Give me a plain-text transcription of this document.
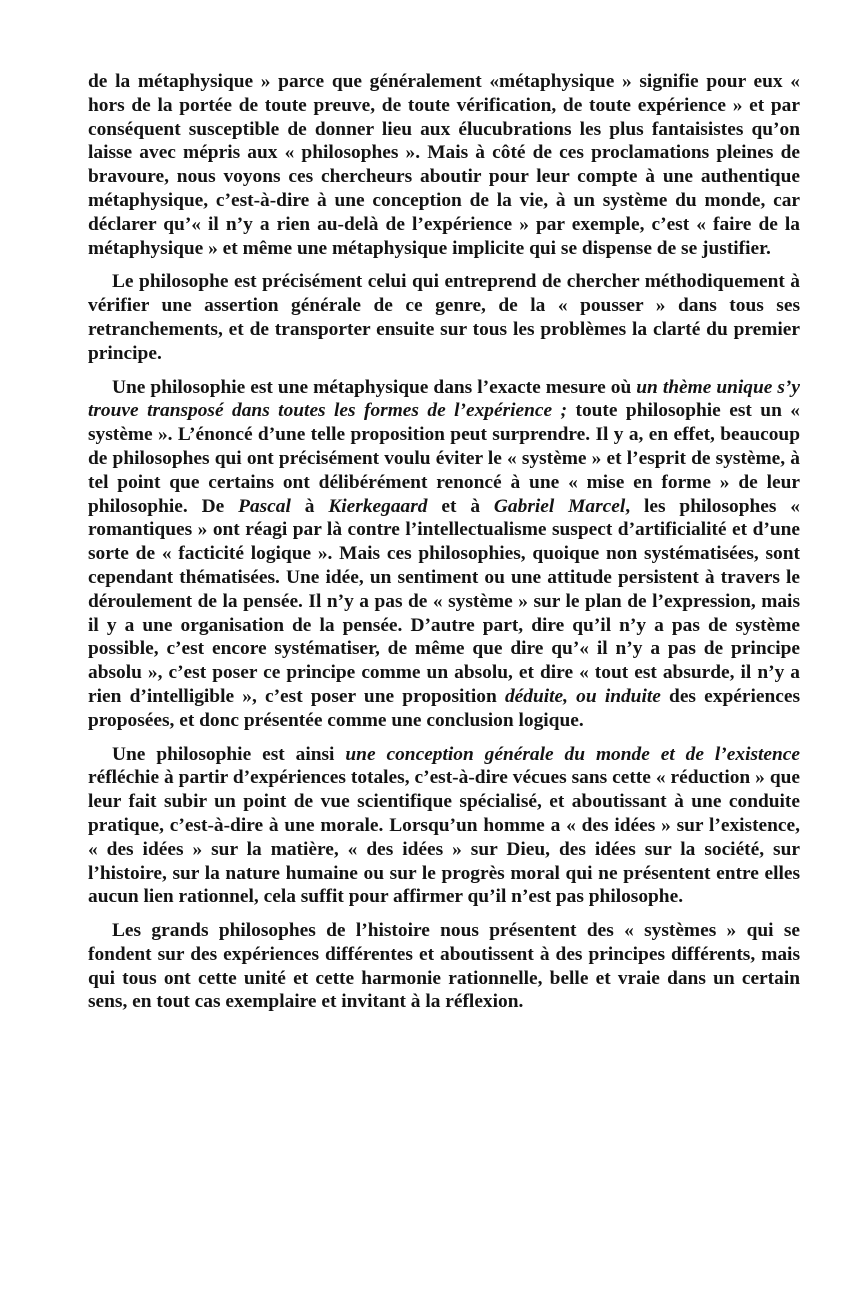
de la métaphysique » parce que généralement «métaphysique » signifie pour eux « hors de la portée de toute preuve, de toute vérification, de toute expérience » et par conséquent susceptible de donner lieu aux élucubrations les plus fantaisistes qu’on laisse avec mépris aux « philosophes ». Mais à côté de ces proclamations pleines de bravoure, nous voyons ces chercheurs aboutir pour leur compte à une authentique métaphysique, c’est-à-dire à une conception de la vie, à un système du monde, car déclarer qu’« il n’y a rien au-delà de l’expérience » par exemple, c’est « faire de la métaphysique » et même une métaphysique implicite qui se dispense de se justifier.

Le philosophe est précisément celui qui entreprend de chercher méthodiquement à vérifier une assertion générale de ce genre, de la « pousser » dans tous ses retranchements, et de transporter ensuite sur tous les problèmes la clarté du premier principe.

Une philosophie est une métaphysique dans l’exacte mesure où un thème unique s’y trouve transposé dans toutes les formes de l’expérience ; toute philosophie est un « système ». L’énoncé d’une telle proposition peut surprendre. Il y a, en effet, beaucoup de philosophes qui ont précisément voulu éviter le « système » et l’esprit de système, à tel point que certains ont délibérément renoncé à une « mise en forme » de leur philosophie. De Pascal à Kierkegaard et à Gabriel Marcel, les philosophes « romantiques » ont réagi par là contre l’intellectualisme suspect d’artificialité et d’une sorte de « facticité logique ». Mais ces philosophies, quoique non systématisées, sont cependant thématisées. Une idée, un sentiment ou une attitude persistent à travers le déroulement de la pensée. Il n’y a pas de « système » sur le plan de l’expression, mais il y a une organisation de la pensée. D’autre part, dire qu’il n’y a pas de système possible, c’est encore systématiser, de même que dire qu’« il n’y a pas de principe absolu », c’est poser ce principe comme un absolu, et dire « tout est absurde, il n’y a rien d’intelligible », c’est poser une proposition déduite, ou induite des expériences proposées, et donc présentée comme une conclusion logique.

Une philosophie est ainsi une conception générale du monde et de l’existence réfléchie à partir d’expériences totales, c’est-à-dire vécues sans cette « réduction » que leur fait subir un point de vue scientifique spécialisé, et aboutissant à une conduite pratique, c’est-à-dire à une morale. Lorsqu’un homme a « des idées » sur l’existence, « des idées » sur la matière, « des idées » sur Dieu, des idées sur la société, sur l’histoire, sur la nature humaine ou sur le progrès moral qui ne présentent entre elles aucun lien rationnel, cela suffit pour affirmer qu’il n’est pas philosophe.

Les grands philosophes de l’histoire nous présentent des « systèmes » qui se fondent sur des expériences différentes et aboutissent à des principes différents, mais qui tous ont cette unité et cette harmonie rationnelle, belle et vraie dans un certain sens, en tout cas exemplaire et invitant à la réflexion.
